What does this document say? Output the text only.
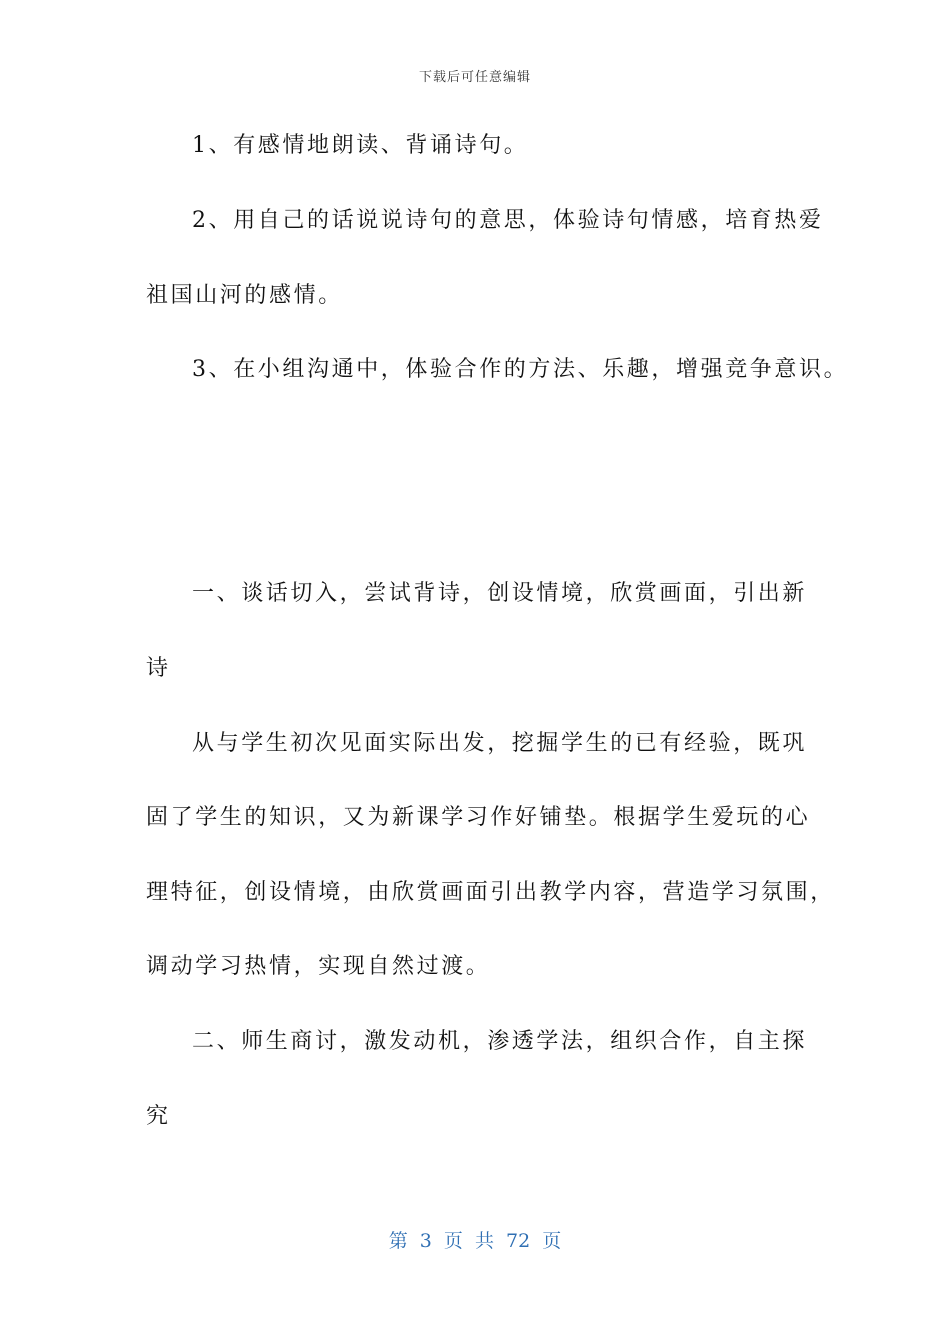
下载后可任意编辑
1、有感情地朗读、背诵诗句。
2、用自己的话说说诗句的意思，体验诗句情感，培育热爱
祖国山河的感情。
3、在小组沟通中，体验合作的方法、乐趣，增强竞争意识。
一、谈话切入，尝试背诗，创设情境，欣赏画面，引出新
诗
从与学生初次见面实际出发，挖掘学生的已有经验，既巩
固了学生的知识，又为新课学习作好铺垫。根据学生爱玩的心
理特征，创设情境，由欣赏画面引出教学内容，营造学习氛围，
调动学习热情，实现自然过渡。
二、师生商讨，激发动机，渗透学法，组织合作，自主探
究
第 3 页 共 72 页
